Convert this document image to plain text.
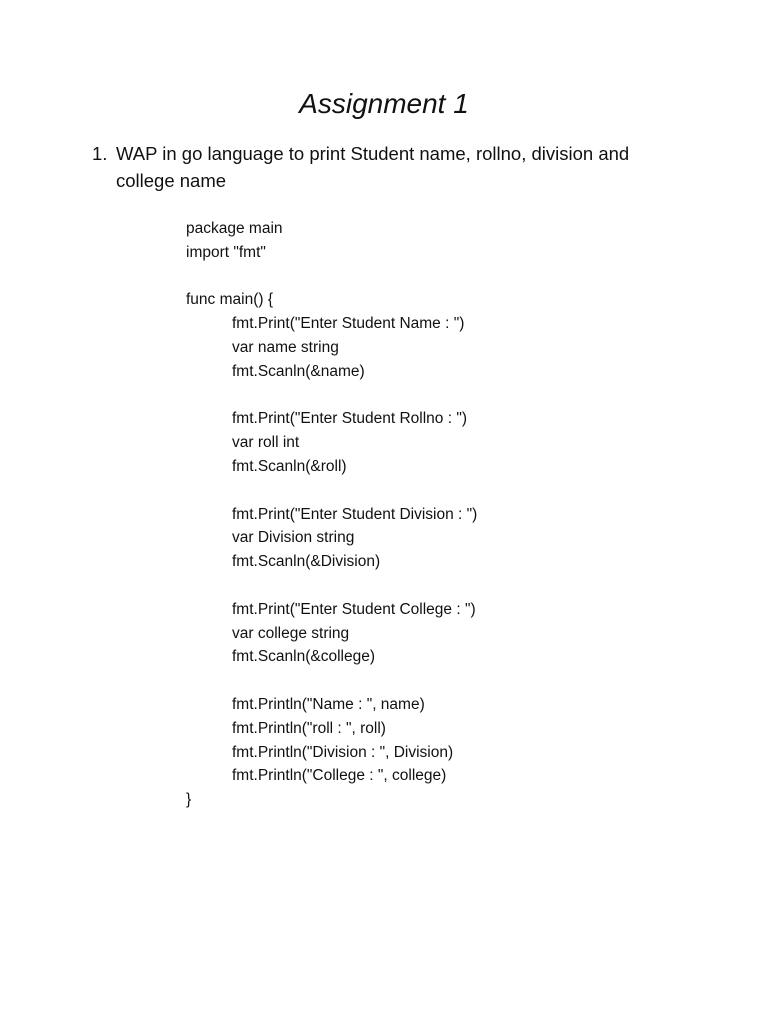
Assignment 1
1. WAP in go language to print Student name, rollno, division and college name
package main
import "fmt"
func main() {
fmt.Print("Enter Student Name : ")
var name string
fmt.Scanln(&name)
fmt.Print("Enter Student Rollno : ")
var roll int
fmt.Scanln(&roll)
fmt.Print("Enter Student Division : ")
var Division string
fmt.Scanln(&Division)
fmt.Print("Enter Student College : ")
var college string
fmt.Scanln(&college)
fmt.Println("Name : ", name)
fmt.Println("roll : ", roll)
fmt.Println("Division : ", Division)
fmt.Println("College : ", college)
}
